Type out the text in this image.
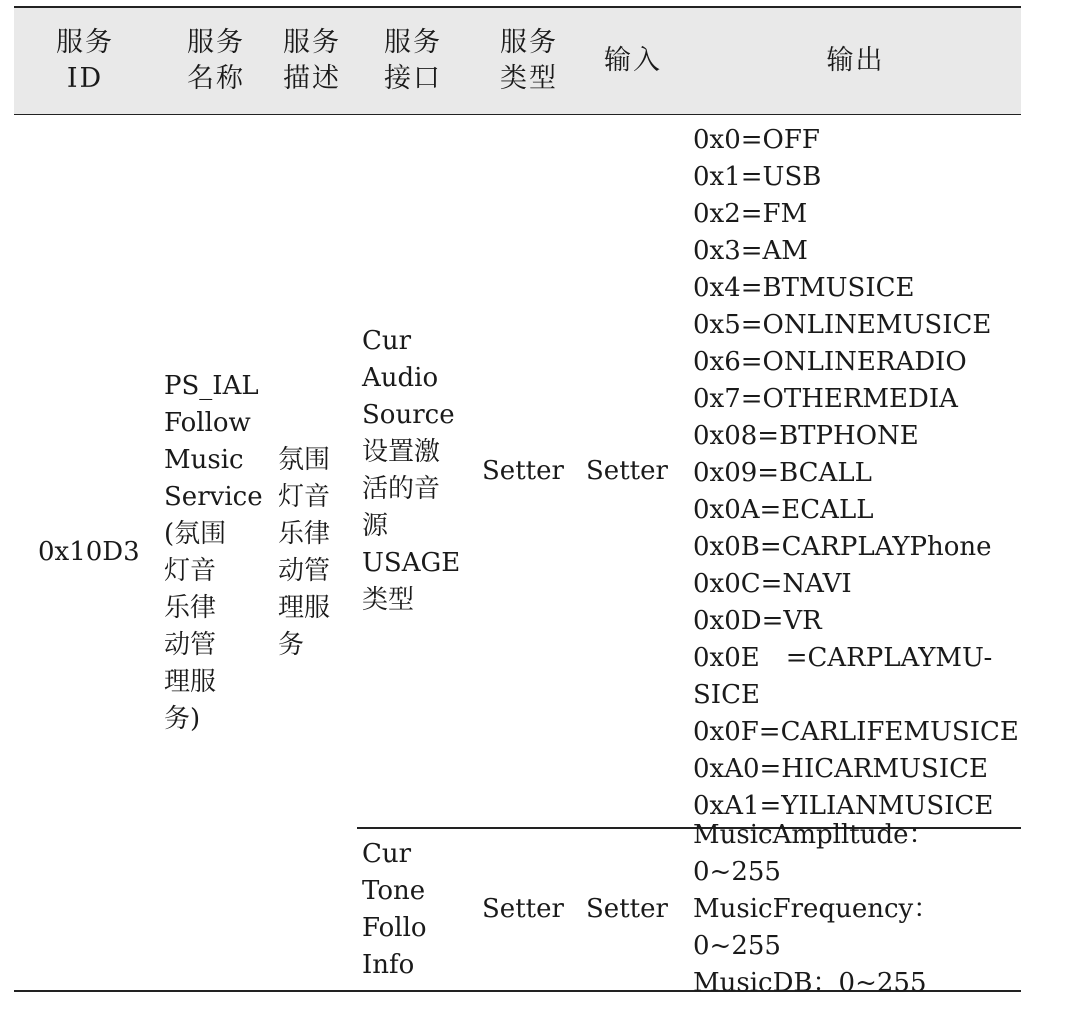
服务
ID
服务
名称
服务
描述
服务
接口
服务
类型
输入	输出
0x10D3
PS_IAL
Follow
Music
Service
(氛围
灯音
乐律
动管
理服
务)
氛围
灯音
乐律
动管
理服
务
Cur
Audio
Source
设置激
活的音
源
USAGE
类型
Setter Setter
0x0=OFF
0x1=USB
0x2=FM
0x3=AM
0x4=BTMUSICE
0x5=ONLINEMUSICE
0x6=ONLINERADIO
0x7=OTHERMEDIA
0x08=BTPHONE
0x09=BCALL
0x0A=ECALL
0x0B=CARPLAYPhone
0x0C=NAVI
0x0D=VR
0x0E　=CARPLAYMU-
SICE
0x0F=CARLIFEMUSICE
0xA0=HICARMUSICE
0xA1=YILIANMUSICE
Cur
Tone
Follo
Info
Setter Setter
MusicAmplltude：0~255
MusicFrequency：0~255
MusicDB：0~255
